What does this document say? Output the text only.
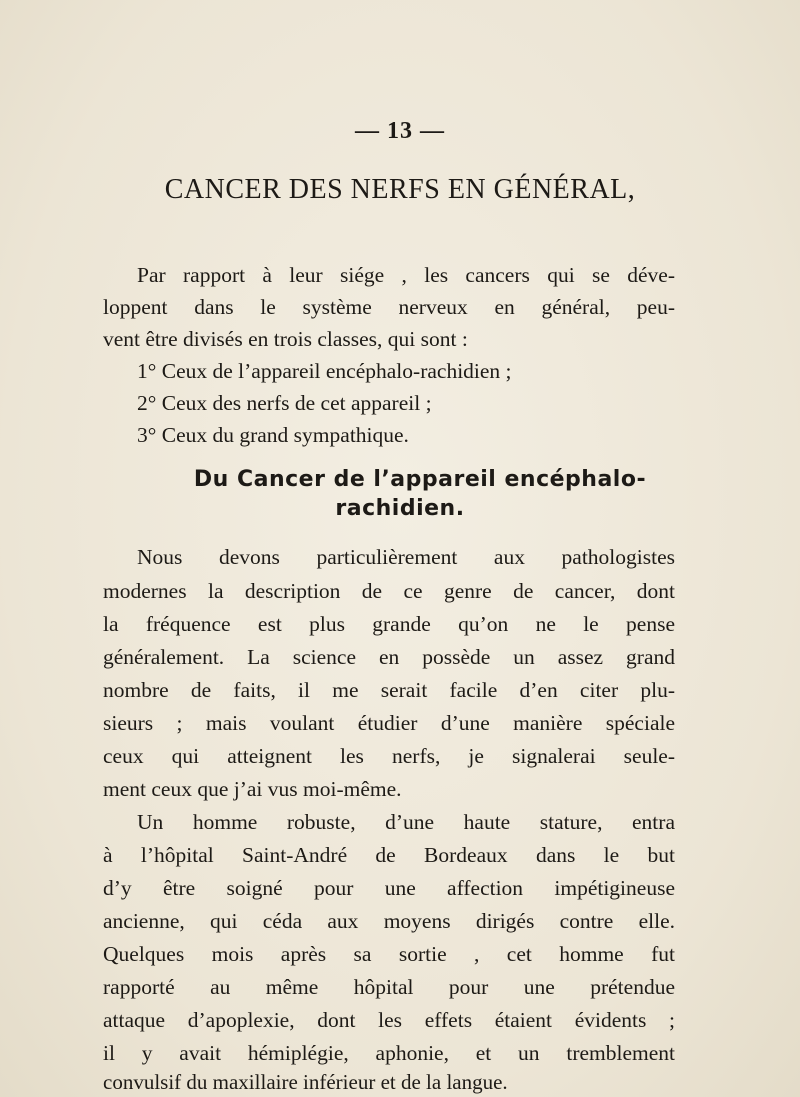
— 13 —
CANCER DES NERFS EN GÉNÉRAL,
Par rapport à leur siége , les cancers qui se déve-
loppent dans le système nerveux en général, peu-
vent être divisés en trois classes, qui sont :
1° Ceux de l’appareil encéphalo-rachidien ;
2° Ceux des nerfs de cet appareil ;
3° Ceux du grand sympathique.
Du Cancer de l’appareil encéphalo-
rachidien.
Nous devons particulièrement aux pathologistes
modernes la description de ce genre de cancer, dont
la fréquence est plus grande qu’on ne le pense
généralement. La science en possède un assez grand
nombre de faits, il me serait facile d’en citer plu-
sieurs ; mais voulant étudier d’une manière spéciale
ceux qui atteignent les nerfs, je signalerai seule-
ment ceux que j’ai vus moi-même.
Un homme robuste, d’une haute stature, entra
à l’hôpital Saint-André de Bordeaux dans le but
d’y être soigné pour une affection impétigineuse
ancienne, qui céda aux moyens dirigés contre elle.
Quelques mois après sa sortie , cet homme fut
rapporté au même hôpital pour une prétendue
attaque d’apoplexie, dont les effets étaient évidents ;
il y avait hémiplégie, aphonie, et un tremblement
convulsif du maxillaire inférieur et de la langue.
